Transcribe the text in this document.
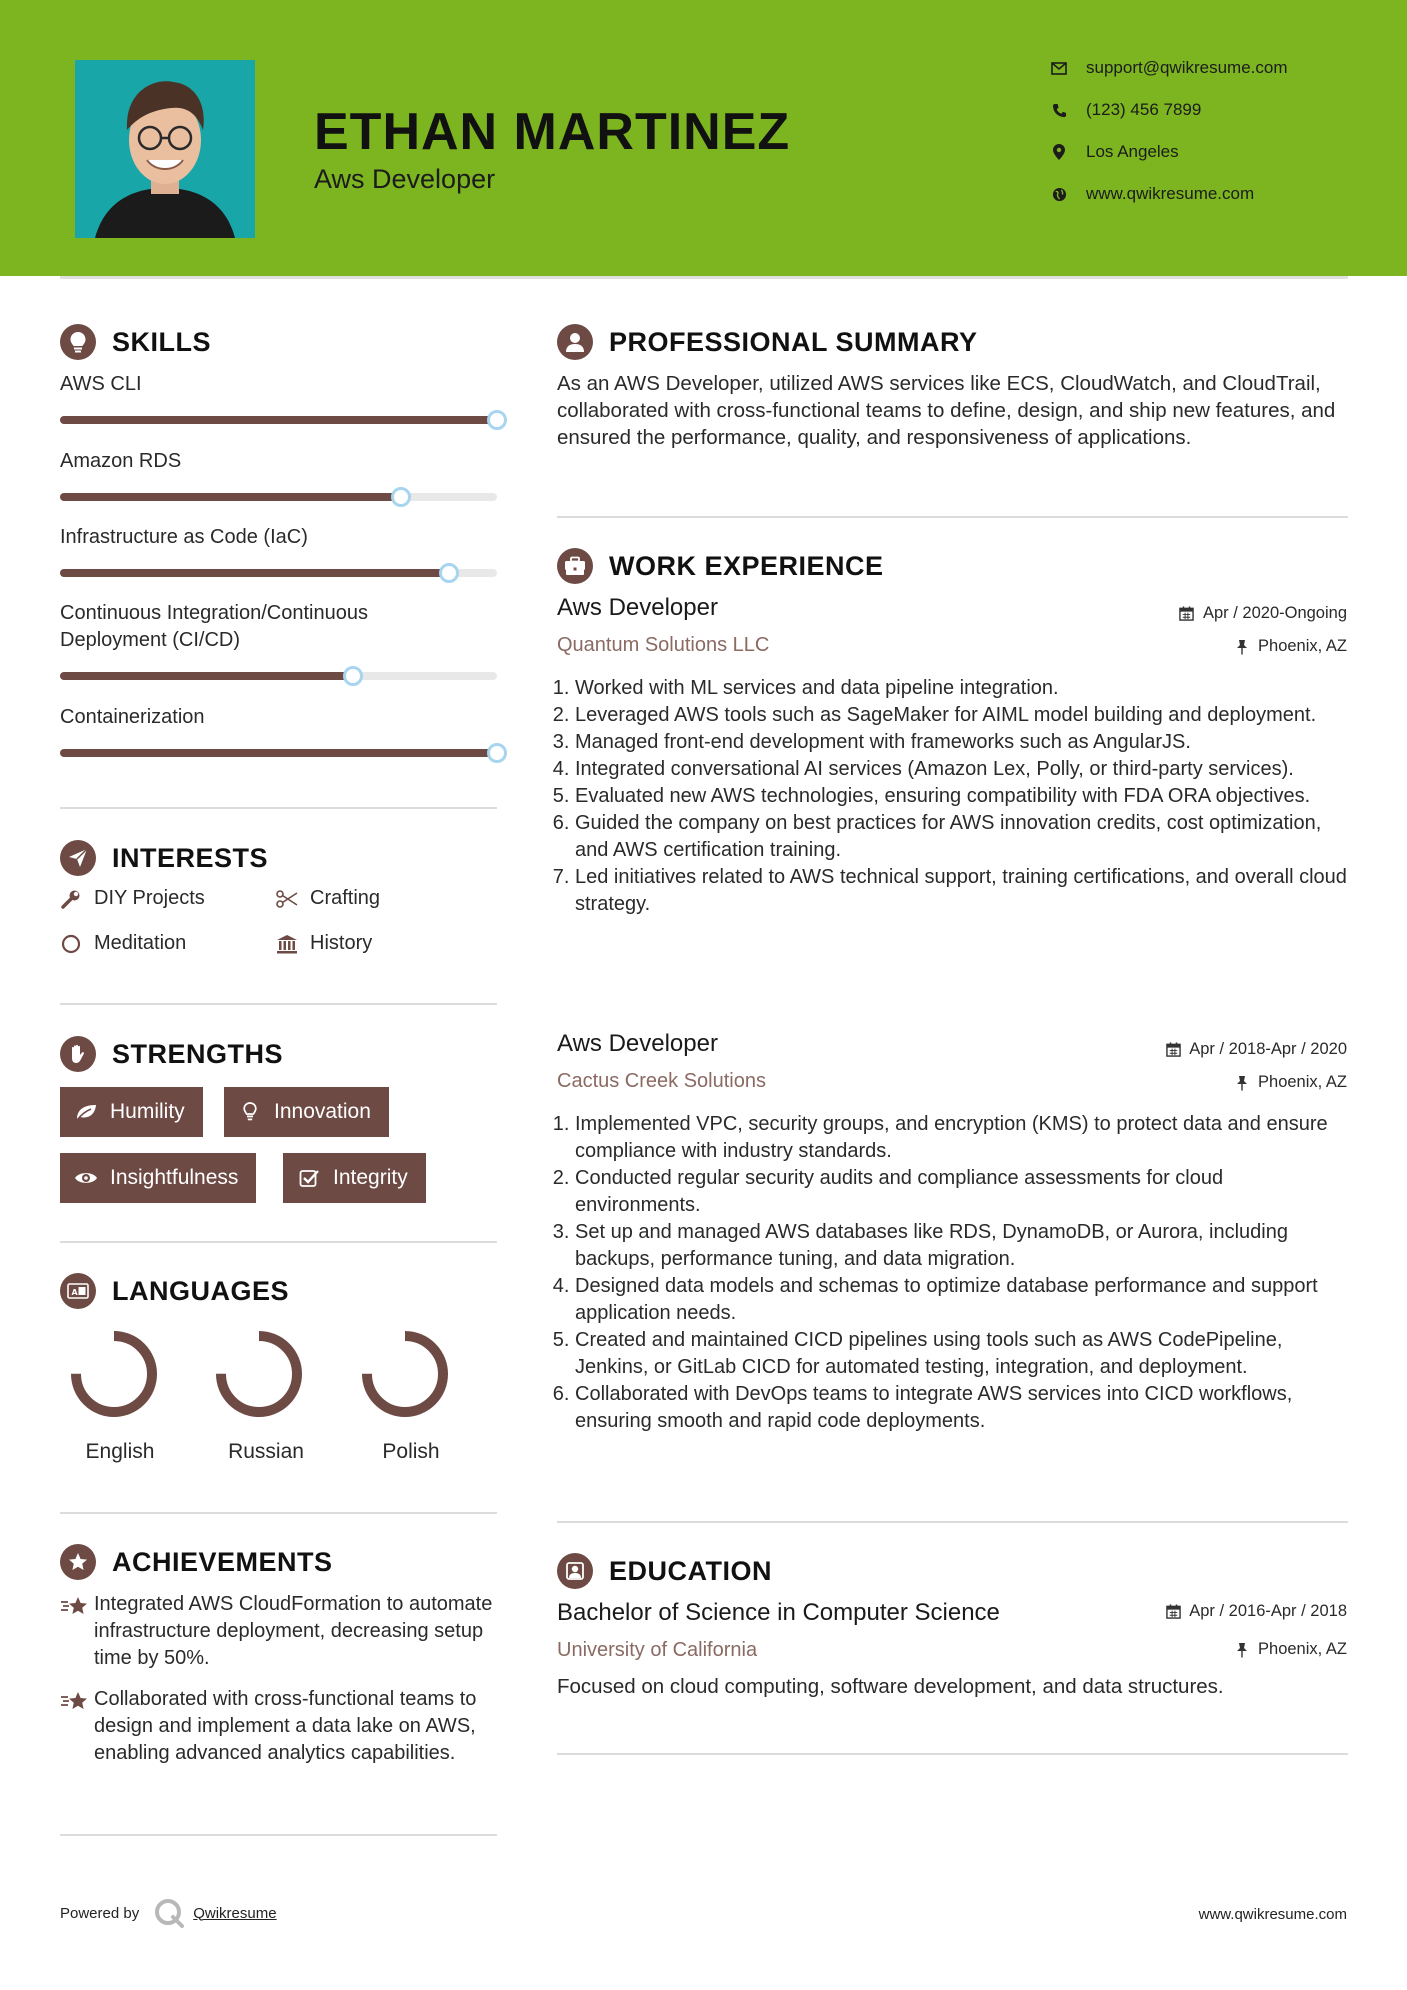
ETHAN MARTINEZ
Aws Developer
support@qwikresume.com
(123) 456 7899
Los Angeles
www.qwikresume.com
SKILLS
AWS CLI
Amazon RDS
Infrastructure as Code (IaC)
Continuous Integration/Continuous Deployment (CI/CD)
Containerization
INTERESTS
DIY Projects	Crafting
Meditation	History
STRENGTHS
Humility	Innovation
Insightfulness	Integrity
A LANGUAGES
English	Russian	Polish
ACHIEVEMENTS
Integrated AWS CloudFormation to automate infrastructure deployment, decreasing setup time by 50%.
Collaborated with cross-functional teams to design and implement a data lake on AWS, enabling advanced analytics capabilities.
PROFESSIONAL SUMMARY
As an AWS Developer, utilized AWS services like ECS, CloudWatch, and CloudTrail, collaborated with cross-functional teams to define, design, and ship new features, and ensured the performance, quality, and responsiveness of applications.
WORK EXPERIENCE
Aws Developer
Quantum Solutions LLC
Apr / 2020-Ongoing
Phoenix, AZ
1. Worked with ML services and data pipeline integration.
2. Leveraged AWS tools such as SageMaker for AIML model building and deployment.
3. Managed front-end development with frameworks such as AngularJS.
4. Integrated conversational AI services (Amazon Lex, Polly, or third-party services).
5. Evaluated new AWS technologies, ensuring compatibility with FDA ORA objectives.
6. Guided the company on best practices for AWS innovation credits, cost optimization, and AWS certification training.
7. Led initiatives related to AWS technical support, training certifications, and overall cloud strategy.
Aws Developer
Cactus Creek Solutions
Apr / 2018-Apr / 2020
Phoenix, AZ
1. Implemented VPC, security groups, and encryption (KMS) to protect data and ensure compliance with industry standards.
2. Conducted regular security audits and compliance assessments for cloud environments.
3. Set up and managed AWS databases like RDS, DynamoDB, or Aurora, including backups, performance tuning, and data migration.
4. Designed data models and schemas to optimize database performance and support application needs.
5. Created and maintained CICD pipelines using tools such as AWS CodePipeline, Jenkins, or GitLab CICD for automated testing, integration, and deployment.
6. Collaborated with DevOps teams to integrate AWS services into CICD workflows, ensuring smooth and rapid code deployments.
EDUCATION
Bachelor of Science in Computer Science
University of California
Apr / 2016-Apr / 2018
Phoenix, AZ
Focused on cloud computing, software development, and data structures.
Powered by	Qwikresume	www.qwikresume.com
